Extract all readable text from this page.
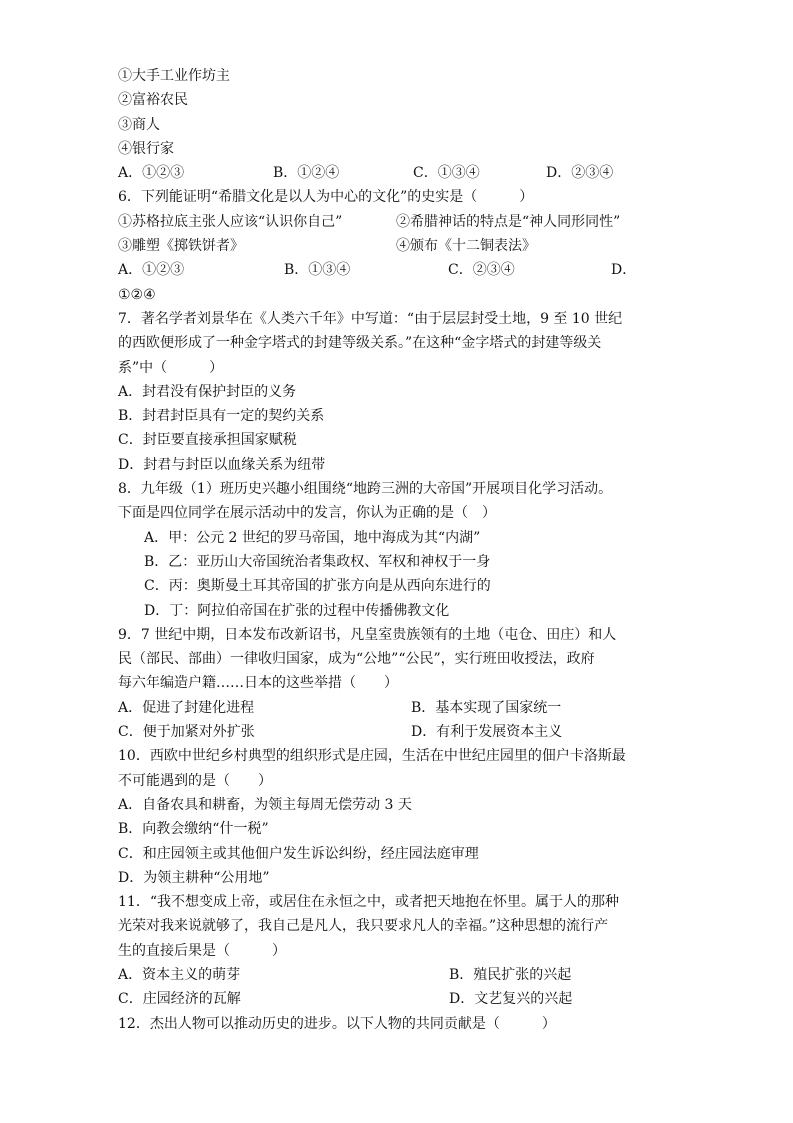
①大手工业作坊主
②富裕农民
③商人
④银行家
A．①②③	B．①②④	C．①③④	D．②③④
6．下列能证明“希腊文化是以人为中心的文化”的史实是（　　　）
①苏格拉底主张人应该“认识你自己”	②希腊神话的特点是“神人同形同性”
③雕塑《掷铁饼者》	④颁布《十二铜表法》
A．①②③	B．①③④	C．②③④	D．
①②④
7．著名学者刘景华在《人类六千年》中写道：“由于层层封受土地，9 至 10 世纪
的西欧便形成了一种金字塔式的封建等级关系。”在这种“金字塔式的封建等级关
系”中（　　　）
A．封君没有保护封臣的义务
B．封君封臣具有一定的契约关系
C．封臣要直接承担国家赋税
D．封君与封臣以血缘关系为纽带
8．九年级（1）班历史兴趣小组围绕“地跨三洲的大帝国”开展项目化学习活动。
下面是四位同学在展示活动中的发言，你认为正确的是（　）
A．甲：公元 2 世纪的罗马帝国，地中海成为其“内湖”
B．乙：亚历山大帝国统治者集政权、军权和神权于一身
C．丙：奥斯曼土耳其帝国的扩张方向是从西向东进行的
D．丁：阿拉伯帝国在扩张的过程中传播佛教文化
9．7 世纪中期，日本发布改新诏书，凡皇室贵族领有的土地（屯仓、田庄）和人
民（部民、部曲）一律收归国家，成为“公地”“公民”，实行班田收授法，政府
每六年编造户籍……日本的这些举措（　　）
A．促进了封建化进程	B．基本实现了国家统一
C．便于加紧对外扩张	D．有利于发展资本主义
10．西欧中世纪乡村典型的组织形式是庄园，生活在中世纪庄园里的佃户卡洛斯最
不可能遇到的是（　　）
A．自备农具和耕畜，为领主每周无偿劳动 3 天
B．向教会缴纳“什一税”
C．和庄园领主或其他佃户发生诉讼纠纷，经庄园法庭审理
D．为领主耕种“公用地”
11．“我不想变成上帝，或居住在永恒之中，或者把天地抱在怀里。属于人的那种
光荣对我来说就够了，我自己是凡人，我只要求凡人的幸福。”这种思想的流行产
生的直接后果是（　　　）
A．资本主义的萌芽	B．殖民扩张的兴起
C．庄园经济的瓦解	D．文艺复兴的兴起
12．杰出人物可以推动历史的进步。以下人物的共同贡献是（　　　）
